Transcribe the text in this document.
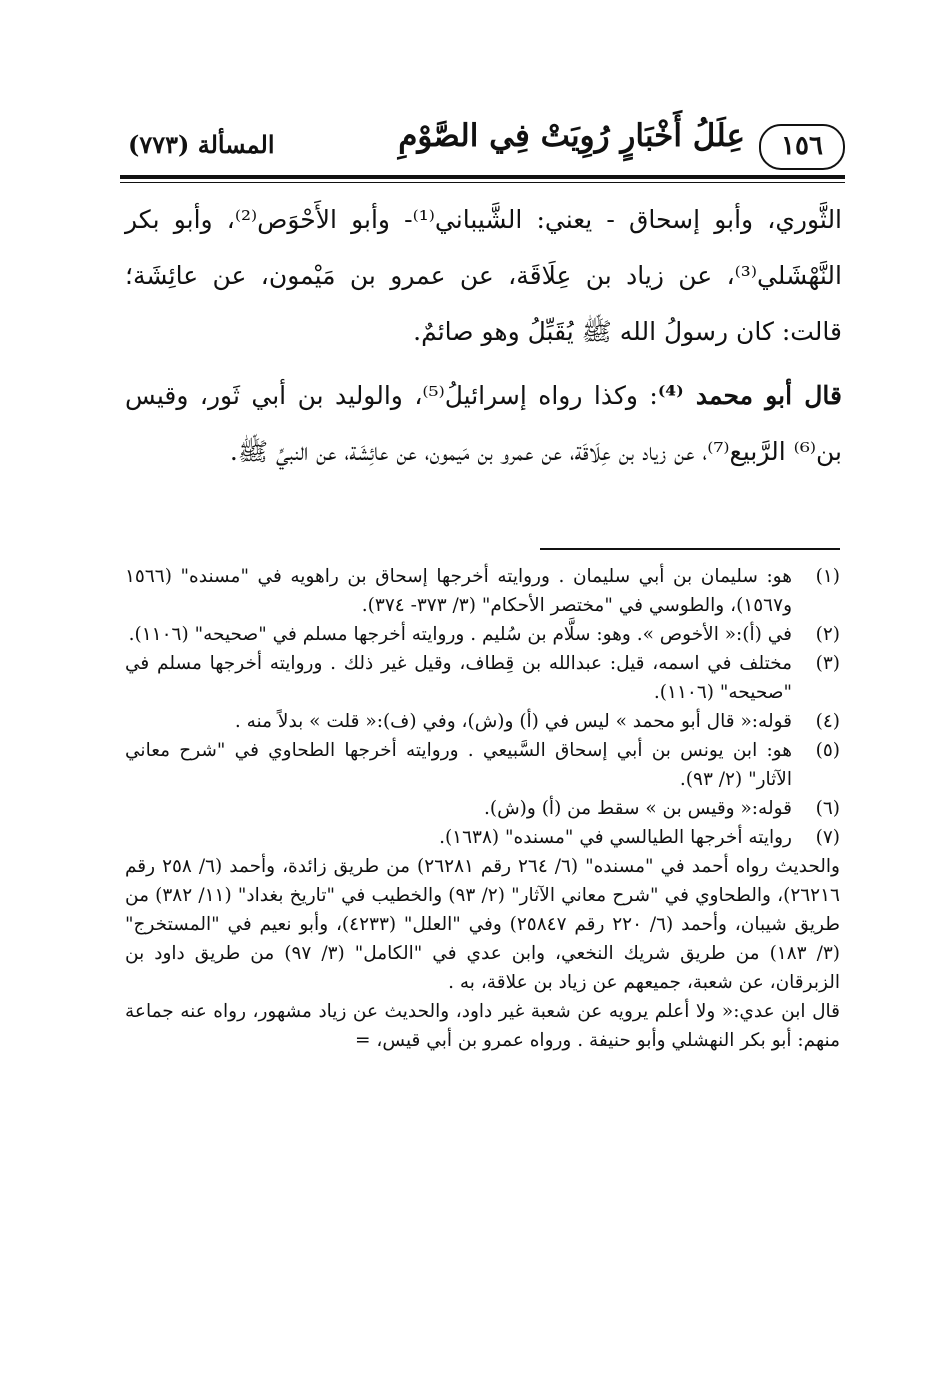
١٥٦
عِلَلُ أَخْبَارٍ رُوِيَتْ فِي الصَّوْمِ
المسألة (٧٧٣)

الثَّوري، وأبو إسحاق - يعني: الشَّيباني⁽¹⁾- وأبو الأَحْوَص⁽²⁾، وأبو بكر النَّهْشَلي⁽³⁾، عن زياد بن عِلَاقَة، عن عمرو بن مَيْمون، عن عائِشَة؛ قالت: كان رسولُ الله ﷺ يُقَبِّلُ وهو صائمٌ.

قال أبو محمد ⁽⁴⁾: وكذا رواه إسرائيلُ⁽⁵⁾، والوليد بن أبي ثَور، وقيس بن⁽⁶⁾ الرَّبيع⁽⁷⁾، عن زياد بن عِلَاقَة، عن عمرو بن مَيمون، عن عائِشَة، عن النبيِّ ﷺ.

(١)
هو: سليمان بن أبي سليمان . وروايته أخرجها إسحاق بن راهويه في "مسنده" (١٥٦٦ و١٥٦٧)، والطوسي في "مختصر الأحكام" (٣/ ٣٧٣- ٣٧٤).
(٢)
في (أ):« الأخوص ». وهو: سلَّام بن سُليم . وروايته أخرجها مسلم في "صحيحه" (١١٠٦).
(٣)
مختلف في اسمه، قيل: عبدالله بن قِطاف، وقيل غير ذلك . وروايته أخرجها مسلم في "صحيحه" (١١٠٦).
(٤)
قوله:« قال أبو محمد » ليس في (أ) و(ش)، وفي (ف):« قلت » بدلاً منه .
(٥)
هو: ابن يونس بن أبي إسحاق السَّبيعي . وروايته أخرجها الطحاوي في "شرح معاني الآثار" (٢/ ٩٣).
(٦)
قوله:« وقيس بن » سقط من (أ) و(ش).
(٧)
روايته أخرجها الطيالسي في "مسنده" (١٦٣٨).

والحديث رواه أحمد في "مسنده" (٦/ ٢٦٤ رقم ٢٦٢٨١) من طريق زائدة، وأحمد (٦/ ٢٥٨ رقم ٢٦٢١٦)، والطحاوي في "شرح معاني الآثار" (٢/ ٩٣) والخطيب في "تاريخ بغداد" (١١/ ٣٨٢) من طريق شيبان، وأحمد (٦/ ٢٢٠ رقم ٢٥٨٤٧) وفي "العلل" (٤٢٣٣)، وأبو نعيم في "المستخرج" (٣/ ١٨٣) من طريق شريك النخعي، وابن عدي في "الكامل" (٣/ ٩٧) من طريق داود بن الزبرقان، عن شعبة، جميعهم عن زياد بن علاقة، به .

قال ابن عدي:« ولا أعلم يرويه عن شعبة غير داود، والحديث عن زياد مشهور، رواه عنه جماعة منهم: أبو بكر النهشلي وأبو حنيفة . ورواه عمرو بن أبي قيس، =
